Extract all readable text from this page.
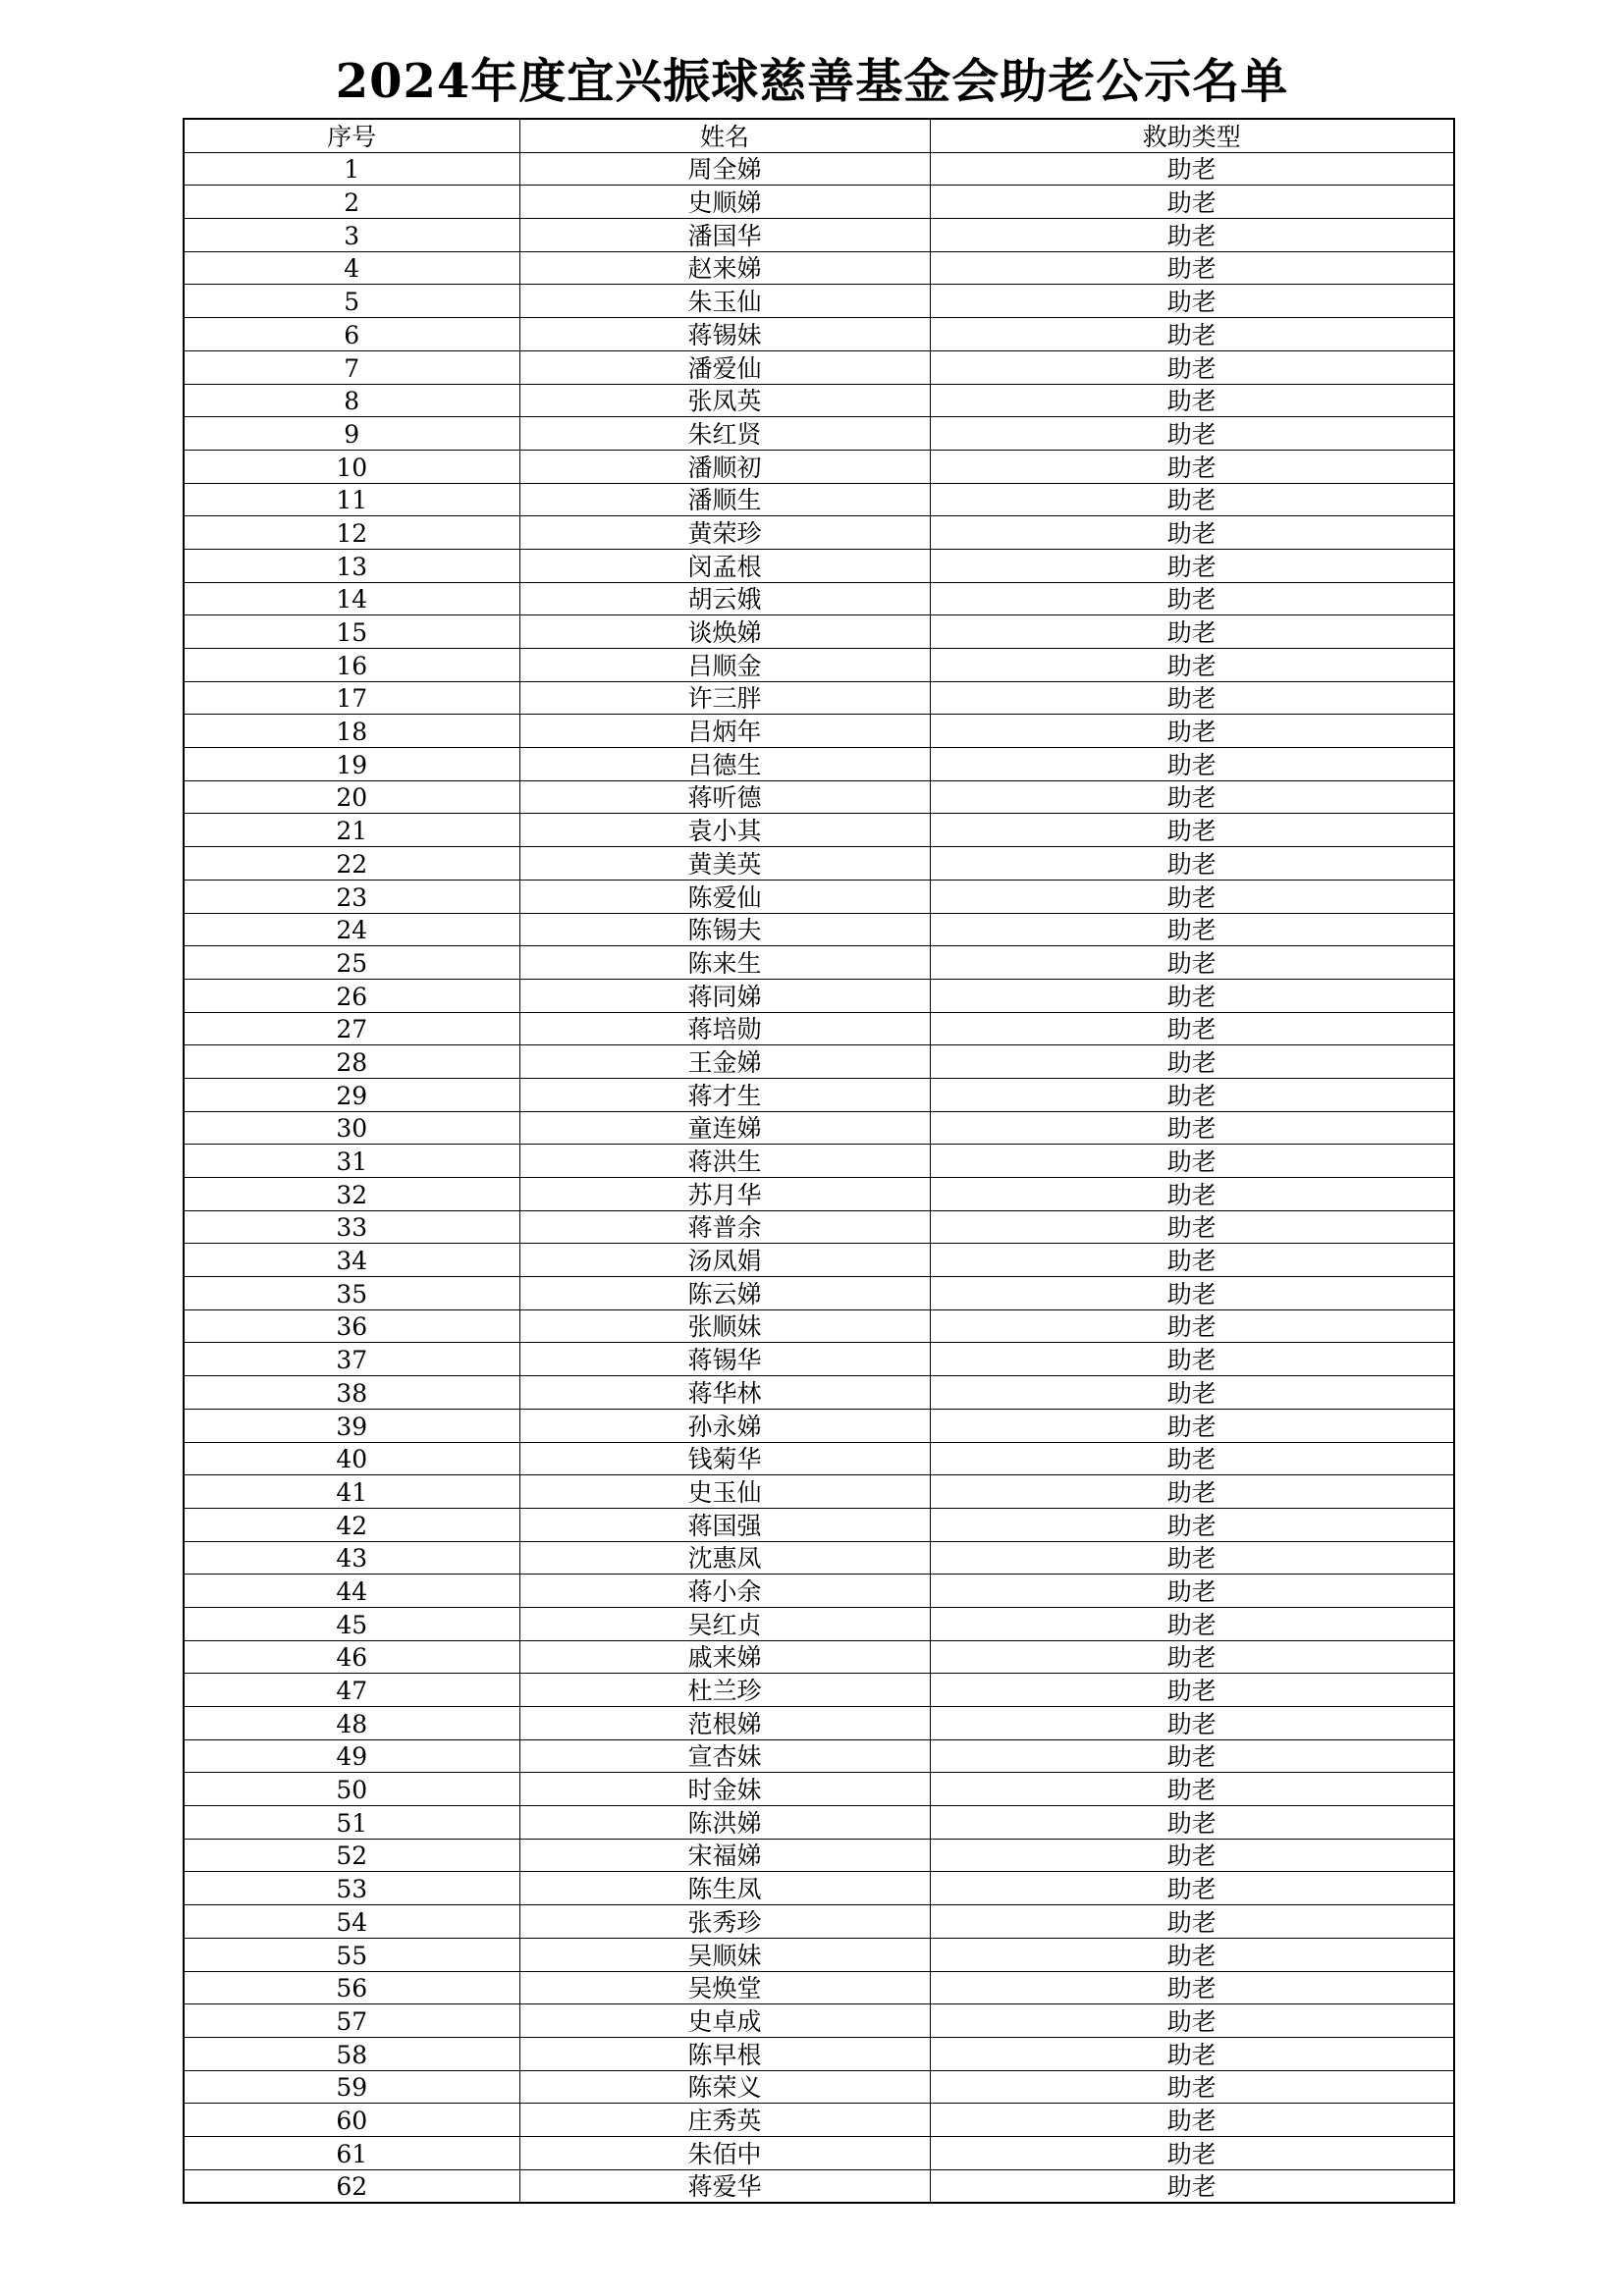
2024年度宜兴振球慈善基金会助老公示名单
序号	姓名	救助类型
1	周全娣	助老
2	史顺娣	助老
3	潘国华	助老
4	赵来娣	助老
5	朱玉仙	助老
6	蒋锡妹	助老
7	潘爱仙	助老
8	张凤英	助老
9	朱红贤	助老
10	潘顺初	助老
11	潘顺生	助老
12	黄荣珍	助老
13	闵孟根	助老
14	胡云娥	助老
15	谈焕娣	助老
16	吕顺金	助老
17	许三胖	助老
18	吕炳年	助老
19	吕德生	助老
20	蒋听德	助老
21	袁小其	助老
22	黄美英	助老
23	陈爱仙	助老
24	陈锡夫	助老
25	陈来生	助老
26	蒋同娣	助老
27	蒋培勋	助老
28	王金娣	助老
29	蒋才生	助老
30	童连娣	助老
31	蒋洪生	助老
32	苏月华	助老
33	蒋普余	助老
34	汤凤娟	助老
35	陈云娣	助老
36	张顺妹	助老
37	蒋锡华	助老
38	蒋华林	助老
39	孙永娣	助老
40	钱菊华	助老
41	史玉仙	助老
42	蒋国强	助老
43	沈惠凤	助老
44	蒋小余	助老
45	吴红贞	助老
46	戚来娣	助老
47	杜兰珍	助老
48	范根娣	助老
49	宣杏妹	助老
50	时金妹	助老
51	陈洪娣	助老
52	宋福娣	助老
53	陈生凤	助老
54	张秀珍	助老
55	吴顺妹	助老
56	吴焕堂	助老
57	史卓成	助老
58	陈早根	助老
59	陈荣义	助老
60	庄秀英	助老
61	朱佰中	助老
62	蒋爱华	助老
